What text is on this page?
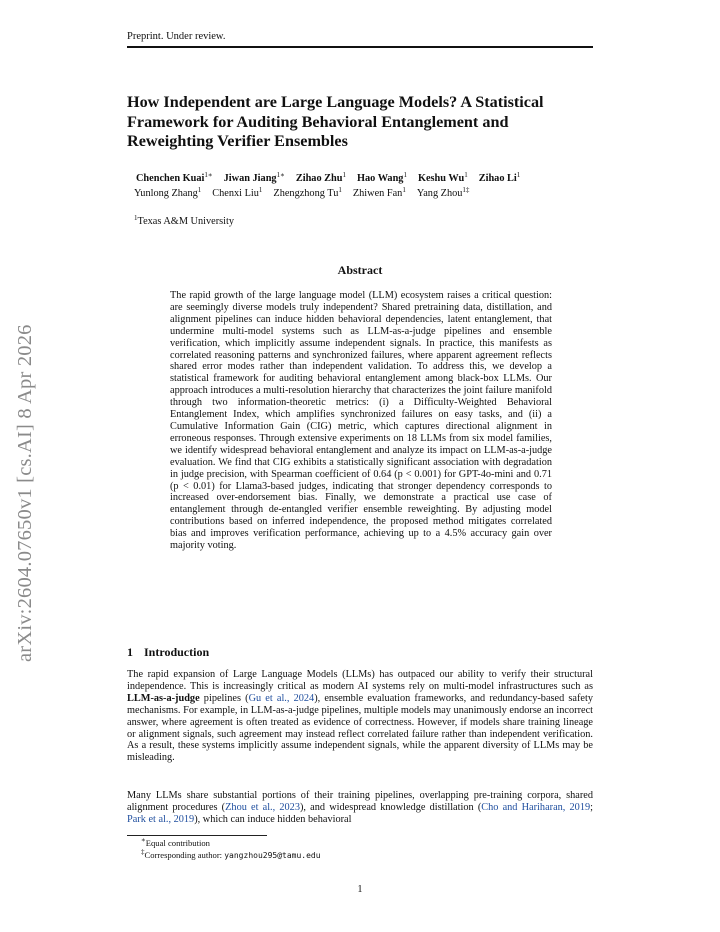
Preprint. Under review.
How Independent are Large Language Models? A Statistical Framework for Auditing Behavioral Entanglement and Reweighting Verifier Ensembles
Chenchen Kuai$^{1∗}$ Jiwan Jiang$^{1∗}$ Zihao Zhu$^1$ Hao Wang$^1$ Keshu Wu$^1$ Zihao Li$^1$
Yunlong Zhang$^1$ Chenxi Liu$^1$ Zhengzhong Tu$^1$ Zhiwen Fan$^1$ Yang Zhou$^{1\ddagger}$
$^1$Texas A&M University
Abstract
The rapid growth of the large language model (LLM) ecosystem raises a critical question: are seemingly diverse models truly independent? Shared pretraining data, distillation, and alignment pipelines can induce hidden behavioral dependencies, latent entanglement, that undermine multi-model systems such as LLM-as-a-judge pipelines and ensemble verification, which implicitly assume independent signals. In practice, this manifests as correlated reasoning patterns and synchronized failures, where apparent agreement reflects shared error modes rather than independent validation. To address this, we develop a statistical framework for auditing behavioral entanglement among black-box LLMs. Our approach introduces a multi-resolution hierarchy that characterizes the joint failure manifold through two information-theoretic metrics: (i) a Difficulty-Weighted Behavioral Entanglement Index, which amplifies synchronized failures on easy tasks, and (ii) a Cumulative Information Gain (CIG) metric, which captures directional alignment in erroneous responses. Through extensive experiments on 18 LLMs from six model families, we identify widespread behavioral entanglement and analyze its impact on LLM-as-a-judge evaluation. We find that CIG exhibits a statistically significant association with degradation in judge precision, with Spearman coefficient of 0.64 (p < 0.001) for GPT-4o-mini and 0.71 (p < 0.01) for Llama3-based judges, indicating that stronger dependency corresponds to increased over-endorsement bias. Finally, we demonstrate a practical use case of entanglement through de-entangled verifier ensemble reweighting. By adjusting model contributions based on inferred independence, the proposed method mitigates correlated bias and improves verification performance, achieving up to a 4.5% accuracy gain over majority voting.
1 Introduction
The rapid expansion of Large Language Models (LLMs) has outpaced our ability to verify their structural independence. This is increasingly critical as modern AI systems rely on multi-model infrastructures such as LLM-as-a-judge pipelines (Gu et al., 2024), ensemble evaluation frameworks, and redundancy-based safety mechanisms. For example, in LLM-as-a-judge pipelines, multiple models may unanimously endorse an incorrect answer, where agreement is often treated as evidence of correctness. However, if models share training lineage or alignment signals, such agreement may instead reflect correlated failure rather than independent verification. As a result, these systems implicitly assume independent signals, while the apparent diversity of LLMs may be misleading.
Many LLMs share substantial portions of their training pipelines, overlapping pre-training corpora, shared alignment procedures (Zhou et al., 2023), and widespread knowledge distillation (Cho and Hariharan, 2019; Park et al., 2019), which can induce hidden behavioral
∗Equal contribution
‡Corresponding author: yangzhou295@tamu.edu
1
arXiv:2604.07650v1 [cs.AI] 8 Apr 2026
